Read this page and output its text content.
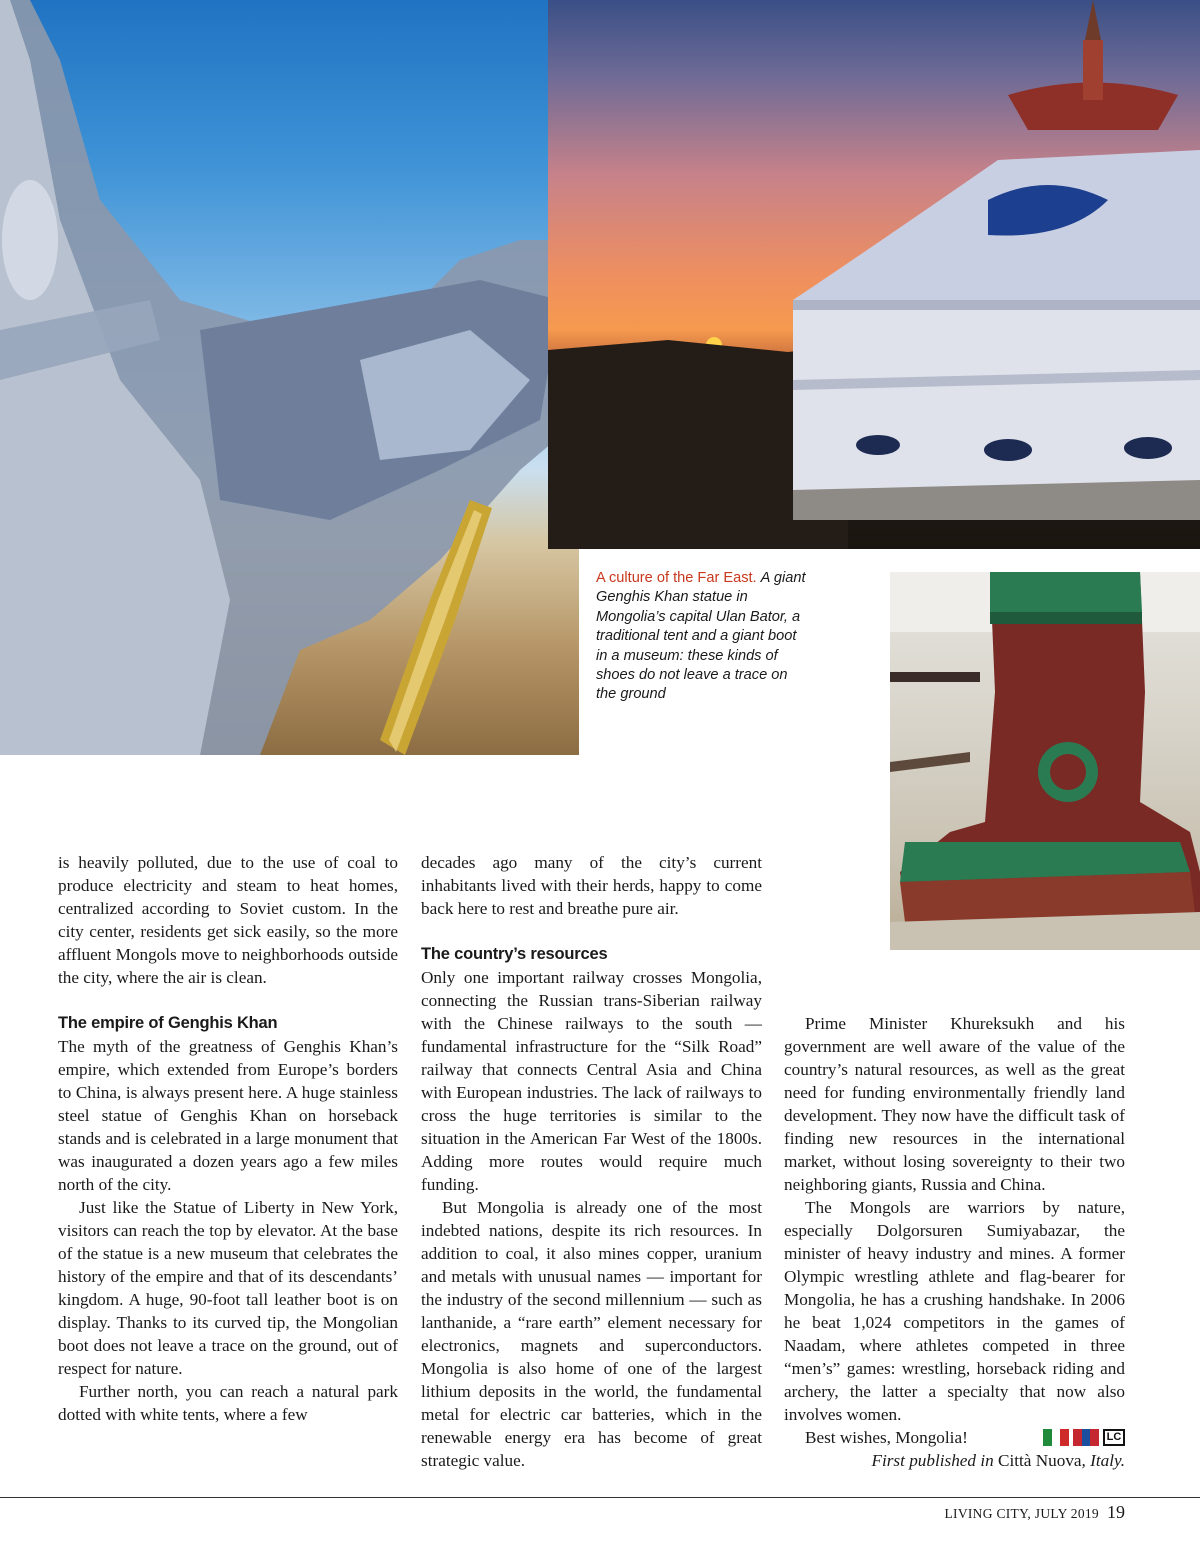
A culture of the Far East. A giant Genghis Khan statue in Mongolia’s capital Ulan Bator, a traditional tent and a giant boot in a museum: these kinds of shoes do not leave a trace on the ground

is heavily polluted, due to the use of coal to produce electricity and steam to heat homes, centralized according to Soviet custom. In the city center, residents get sick easily, so the more affluent Mongols move to neighborhoods outside the city, where the air is clean.

The empire of Genghis Khan

The myth of the greatness of Genghis Khan’s empire, which extended from Europe’s borders to China, is always present here. A huge stainless steel statue of Genghis Khan on horseback stands and is celebrated in a large monument that was inaugurated a dozen years ago a few miles north of the city.

Just like the Statue of Liberty in New York, visitors can reach the top by elevator. At the base of the statue is a new museum that celebrates the history of the empire and that of its descendants’ kingdom. A huge, 90-foot tall leather boot is on display. Thanks to its curved tip, the Mongolian boot does not leave a trace on the ground, out of respect for nature.

Further north, you can reach a natural park dotted with white tents, where a few

decades ago many of the city’s current inhabitants lived with their herds, happy to come back here to rest and breathe pure air.

The country’s resources

Only one important railway crosses Mongolia, connecting the Russian trans-Siberian railway with the Chinese railways to the south — fundamental infrastructure for the “Silk Road” railway that connects Central Asia and China with European industries. The lack of railways to cross the huge territories is similar to the situation in the American Far West of the 1800s. Adding more routes would require much funding.

But Mongolia is already one of the most indebted nations, despite its rich resources. In addition to coal, it also mines copper, uranium and metals with unusual names — important for the industry of the second millennium — such as lanthanide, a “rare earth” element necessary for electronics, magnets and superconductors. Mongolia is also home of one of the largest lithium deposits in the world, the fundamental metal for electric car batteries, which in the renewable energy era has become of great strategic value.

Prime Minister Khureksukh and his government are well aware of the value of the country’s natural resources, as well as the great need for funding environmentally friendly land development. They now have the difficult task of finding new resources in the international market, without losing sovereignty to their two neighboring giants, Russia and China.

The Mongols are warriors by nature, especially Dolgorsuren Sumiyabazar, the minister of heavy industry and mines. A former Olympic wrestling athlete and flag-bearer for Mongolia, he has a crushing handshake. In 2006 he beat 1,024 competitors in the games of Naadam, where athletes competed in three “men’s” games: wrestling, horseback riding and archery, the latter a specialty that now also involves women.

Best wishes, Mongolia!	LC

First published in Città Nuova, Italy.

LIVING CITY, JULY 2019 19
